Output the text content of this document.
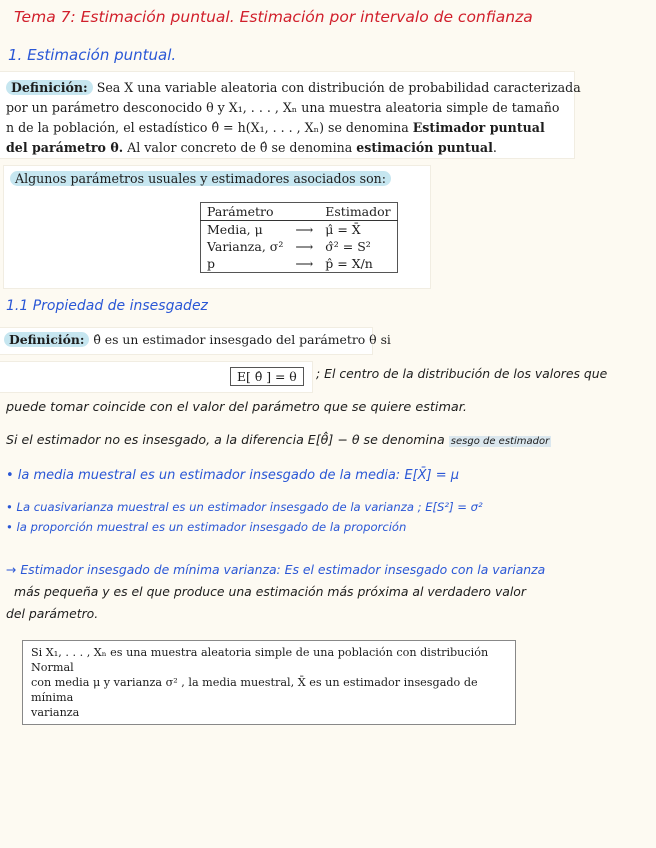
Tema 7: Estimación puntual. Estimación por intervalo de confianza
1. Estimación puntual.
Definición: Sea X una variable aleatoria con distribución de probabilidad caracterizada
por un parámetro desconocido θ y X₁, . . . , Xₙ una muestra aleatoria simple de tamaño
n de la población, el estadístico θ̂ = h(X₁, . . . , Xₙ) se denomina Estimador puntual
del parámetro θ. Al valor concreto de θ̂ se denomina estimación puntual.
Algunos parámetros usuales y estimadores asociados son:
Parámetro		Estimador
Media, μ	⟶	μ̂ = X̄
Varianza, σ²	⟶	σ̂² = S²
p	⟶	p̂ = X/n
1.1 Propiedad de insesgadez
Definición: θ̂ es un estimador insesgado del parámetro θ si
E[ θ̂ ] = θ	; El centro de la distribución de los valores que
puede tomar coincide con el valor del parámetro que se quiere estimar.
Si el estimador no es insesgado, a la diferencia E[θ̂] − θ se denomina sesgo de estimador
• la media muestral es un estimador insesgado de la media: E[X̄] = μ
• La cuasivarianza muestral es un estimador insesgado de la varianza ; E[S²] = σ²
• la proporción muestral es un estimador insesgado de la proporción
→ Estimador insesgado de mínima varianza: Es el estimador insesgado con la varianza
más pequeña y es el que produce una estimación más próxima al verdadero valor
del parámetro.
Si X₁, . . . , Xₙ es una muestra aleatoria simple de una población con distribución Normal
con media μ y varianza σ² , la media muestral, X̄ es un estimador insesgado de mínima
varianza
